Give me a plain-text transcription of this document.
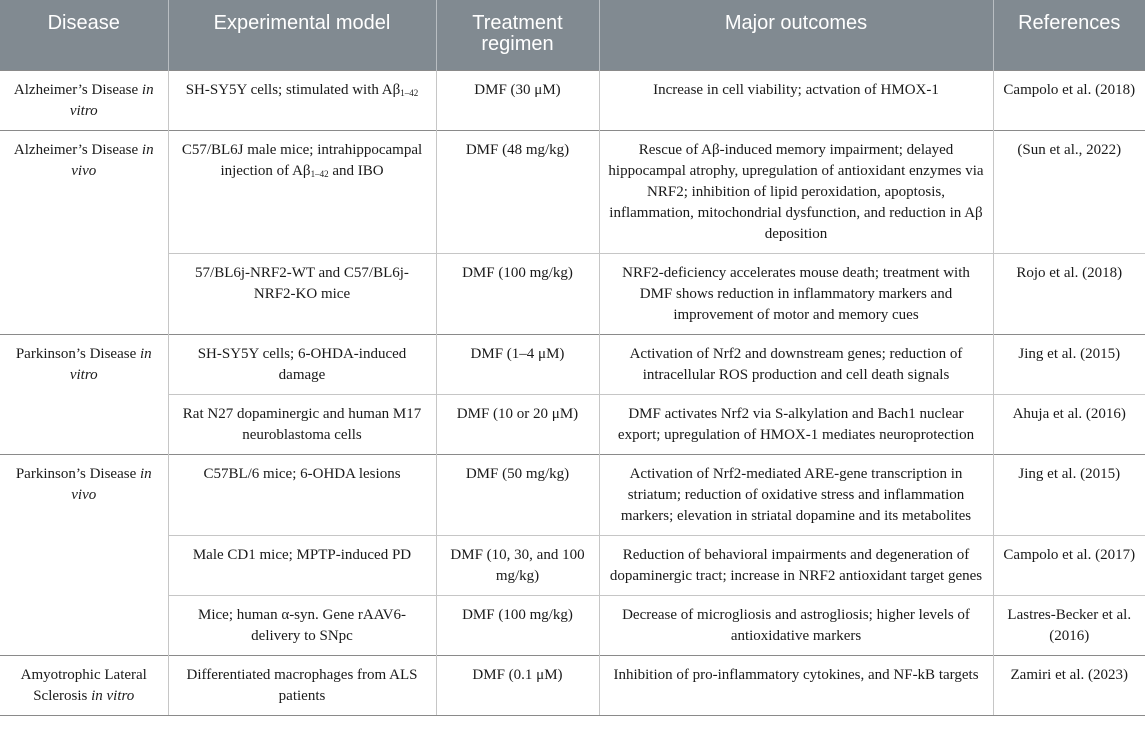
Disease	Experimental model	Treatment regimen	Major outcomes	References

Alzheimer’s Disease in vitro	SH-SY5Y cells; stimulated with $A\beta_{1-42}$	DMF (30 μM)	Increase in cell viability; actvation of HMOX-1	Campolo et al. (2018)
Alzheimer’s Disease in vivo	C57/BL6J male mice; intrahippocampal injection of $A\beta_{1-42}$ and IBO	DMF (48 mg/kg)	Rescue of Aβ-induced memory impairment; delayed hippocampal atrophy, upregulation of antioxidant enzymes via NRF2; inhibition of lipid peroxidation, apoptosis, inflammation, mitochondrial dysfunction, and reduction in Aβ deposition	(Sun et al., 2022)
	57/BL6j-NRF2-WT and C57/BL6j-NRF2-KO mice	DMF (100 mg/kg)	NRF2-deficiency accelerates mouse death; treatment with DMF shows reduction in inflammatory markers and improvement of motor and memory cues	Rojo et al. (2018)
Parkinson’s Disease in vitro	SH-SY5Y cells; 6-OHDA-induced damage	DMF (1–4 μM)	Activation of Nrf2 and downstream genes; reduction of intracellular ROS production and cell death signals	Jing et al. (2015)
	Rat N27 dopaminergic and human M17 neuroblastoma cells	DMF (10 or 20 μM)	DMF activates Nrf2 via S-alkylation and Bach1 nuclear export; upregulation of HMOX-1 mediates neuroprotection	Ahuja et al. (2016)
Parkinson’s Disease in vivo	C57BL/6 mice; 6-OHDA lesions	DMF (50 mg/kg)	Activation of Nrf2-mediated ARE-gene transcription in striatum; reduction of oxidative stress and inflammation markers; elevation in striatal dopamine and its metabolites	Jing et al. (2015)
	Male CD1 mice; MPTP-induced PD	DMF (10, 30, and 100 mg/kg)	Reduction of behavioral impairments and degeneration of dopaminergic tract; increase in NRF2 antioxidant target genes	Campolo et al. (2017)
	Mice; human α-syn. Gene rAAV6-delivery to SNpc	DMF (100 mg/kg)	Decrease of microgliosis and astrogliosis; higher levels of antioxidative markers	Lastres-Becker et al. (2016)
Amyotrophic Lateral Sclerosis in vitro	Differentiated macrophages from ALS patients	DMF (0.1 μM)	Inhibition of pro-inflammatory cytokines, and NF-kB targets	Zamiri et al. (2023)
